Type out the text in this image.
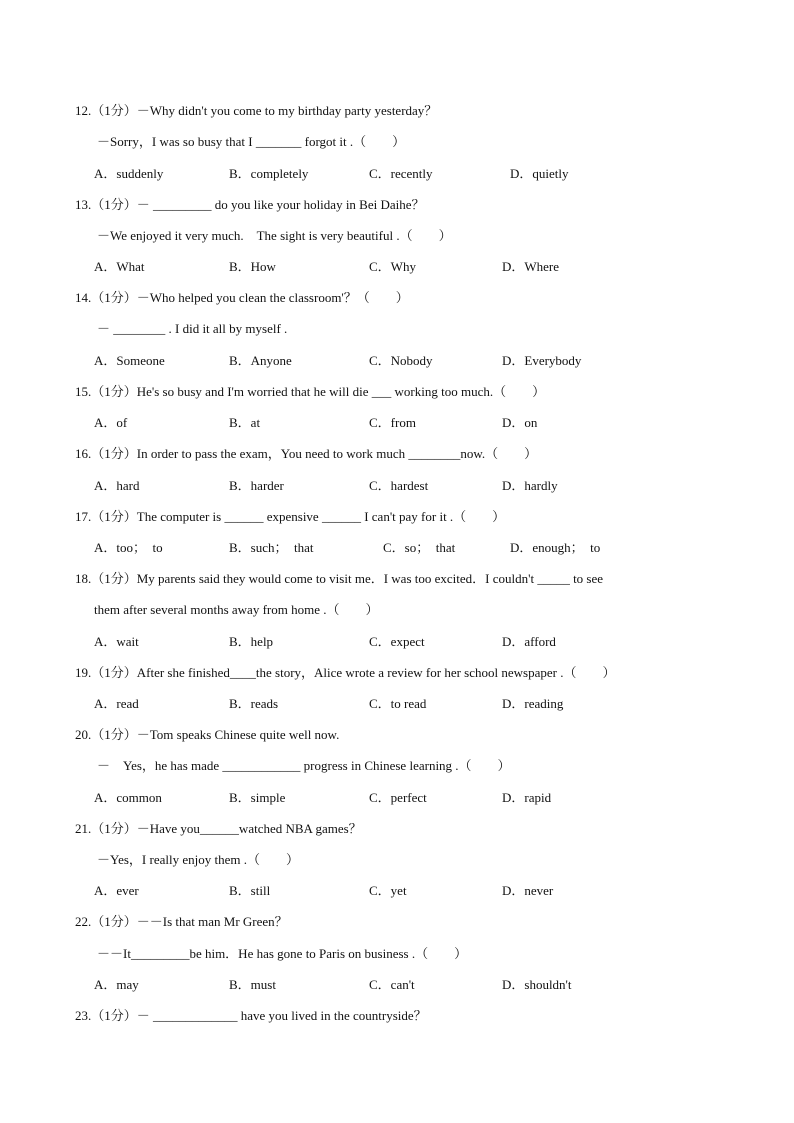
12.（1分）－Why didn't you come to my birthday party yesterday？
－Sorry，I was so busy that I _______ forgot it .（　　）
A．suddenly	B．completely	C．recently	D．quietly
13.（1分）－ _________ do you like your holiday in Bei Daihe？
－We enjoyed it very much.　The sight is very beautiful .（　　）
A．What	B．How	C．Why	D．Where
14.（1分）－Who helped you clean the classroom'？（　　）
－ ________ . I did it all by myself .
A．Someone	B．Anyone	C．Nobody	D．Everybody
15.（1分）He's so busy and I'm worried that he will die ___ working too much.（　　）
A．of	B．at	C．from	D．on
16.（1分）In order to pass the exam，You need to work much ________now.（　　）
A．hard	B．harder	C．hardest	D．hardly
17.（1分）The computer is ______ expensive ______ I can't pay for it .（　　）
A．too；　to	B．such；　that	C．so；　that	D．enough；　to
18.（1分）My parents said they would come to visit me．I was too excited．I couldn't _____ to see
them after several months away from home .（　　）
A．wait	B．help	C．expect	D．afford
19.（1分）After she finished____the story，Alice wrote a review for her school newspaper .（　　）
A．read	B．reads	C．to read	D．reading
20.（1分）－Tom speaks Chinese quite well now.
－　Yes，he has made ____________ progress in Chinese learning .（　　）
A．common	B．simple	C．perfect	D．rapid
21.（1分）－Have you______watched NBA games？
－Yes，I really enjoy them .（　　）
A．ever	B．still	C．yet	D．never
22.（1分）－－Is that man Mr Green？
－－It_________be him．He has gone to Paris on business .（　　）
A．may	B．must	C．can't	D．shouldn't
23.（1分）－ _____________ have you lived in the countryside？
